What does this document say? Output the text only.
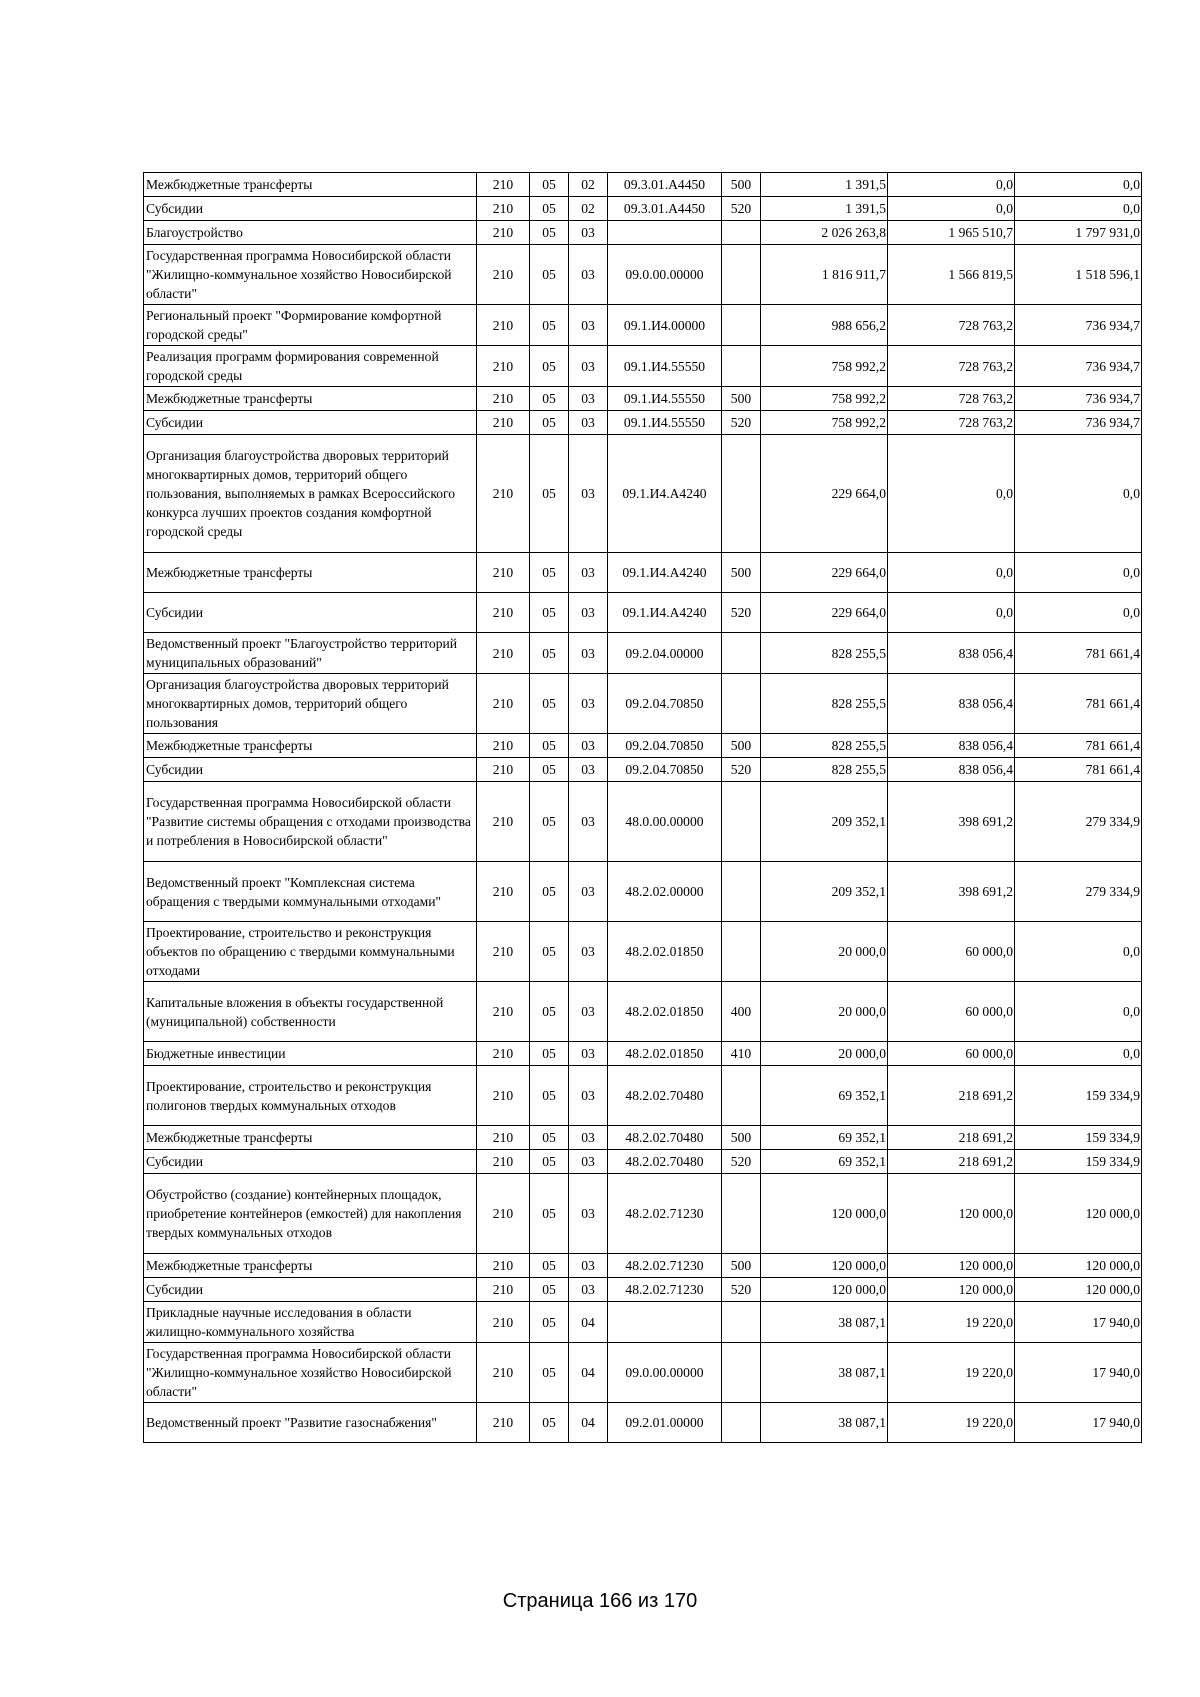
Межбюджетные трансферты	210	05	02	09.3.01.A4450	500	1 391,5	0,0	0,0
Субсидии	210	05	02	09.3.01.A4450	520	1 391,5	0,0	0,0
Благоустройство	210	05	03			2 026 263,8	1 965 510,7	1 797 931,0
Государственная программа Новосибирской области "Жилищно-коммунальное хозяйство Новосибирской области"	210	05	03	09.0.00.00000		1 816 911,7	1 566 819,5	1 518 596,1
Региональный проект "Формирование комфортной городской среды"	210	05	03	09.1.И4.00000		988 656,2	728 763,2	736 934,7
Реализация программ формирования современной городской среды	210	05	03	09.1.И4.55550		758 992,2	728 763,2	736 934,7
Межбюджетные трансферты	210	05	03	09.1.И4.55550	500	758 992,2	728 763,2	736 934,7
Субсидии	210	05	03	09.1.И4.55550	520	758 992,2	728 763,2	736 934,7
Организация благоустройства дворовых территорий многоквартирных домов, территорий общего пользования, выполняемых в рамках Всероссийского конкурса лучших проектов создания комфортной городской среды	210	05	03	09.1.И4.A4240		229 664,0	0,0	0,0
Межбюджетные трансферты	210	05	03	09.1.И4.A4240	500	229 664,0	0,0	0,0
Субсидии	210	05	03	09.1.И4.A4240	520	229 664,0	0,0	0,0
Ведомственный проект "Благоустройство территорий муниципальных образований"	210	05	03	09.2.04.00000		828 255,5	838 056,4	781 661,4
Организация благоустройства дворовых территорий многоквартирных домов, территорий общего пользования	210	05	03	09.2.04.70850		828 255,5	838 056,4	781 661,4
Межбюджетные трансферты	210	05	03	09.2.04.70850	500	828 255,5	838 056,4	781 661,4
Субсидии	210	05	03	09.2.04.70850	520	828 255,5	838 056,4	781 661,4
Государственная программа Новосибирской области "Развитие системы обращения с отходами производства и потребления в Новосибирской области"	210	05	03	48.0.00.00000		209 352,1	398 691,2	279 334,9
Ведомственный проект "Комплексная система обращения с твердыми коммунальными отходами"	210	05	03	48.2.02.00000		209 352,1	398 691,2	279 334,9
Проектирование, строительство и реконструкция объектов по обращению с твердыми коммунальными отходами	210	05	03	48.2.02.01850		20 000,0	60 000,0	0,0
Капитальные вложения в объекты государственной (муниципальной) собственности	210	05	03	48.2.02.01850	400	20 000,0	60 000,0	0,0
Бюджетные инвестиции	210	05	03	48.2.02.01850	410	20 000,0	60 000,0	0,0
Проектирование, строительство и реконструкция полигонов твердых коммунальных отходов	210	05	03	48.2.02.70480		69 352,1	218 691,2	159 334,9
Межбюджетные трансферты	210	05	03	48.2.02.70480	500	69 352,1	218 691,2	159 334,9
Субсидии	210	05	03	48.2.02.70480	520	69 352,1	218 691,2	159 334,9
Обустройство (создание) контейнерных площадок, приобретение контейнеров (емкостей) для накопления твердых коммунальных отходов	210	05	03	48.2.02.71230		120 000,0	120 000,0	120 000,0
Межбюджетные трансферты	210	05	03	48.2.02.71230	500	120 000,0	120 000,0	120 000,0
Субсидии	210	05	03	48.2.02.71230	520	120 000,0	120 000,0	120 000,0
Прикладные научные исследования в области жилищно-коммунального хозяйства	210	05	04			38 087,1	19 220,0	17 940,0
Государственная программа Новосибирской области "Жилищно-коммунальное хозяйство Новосибирской области"	210	05	04	09.0.00.00000		38 087,1	19 220,0	17 940,0
Ведомственный проект "Развитие газоснабжения"	210	05	04	09.2.01.00000		38 087,1	19 220,0	17 940,0
Страница 166 из 170
